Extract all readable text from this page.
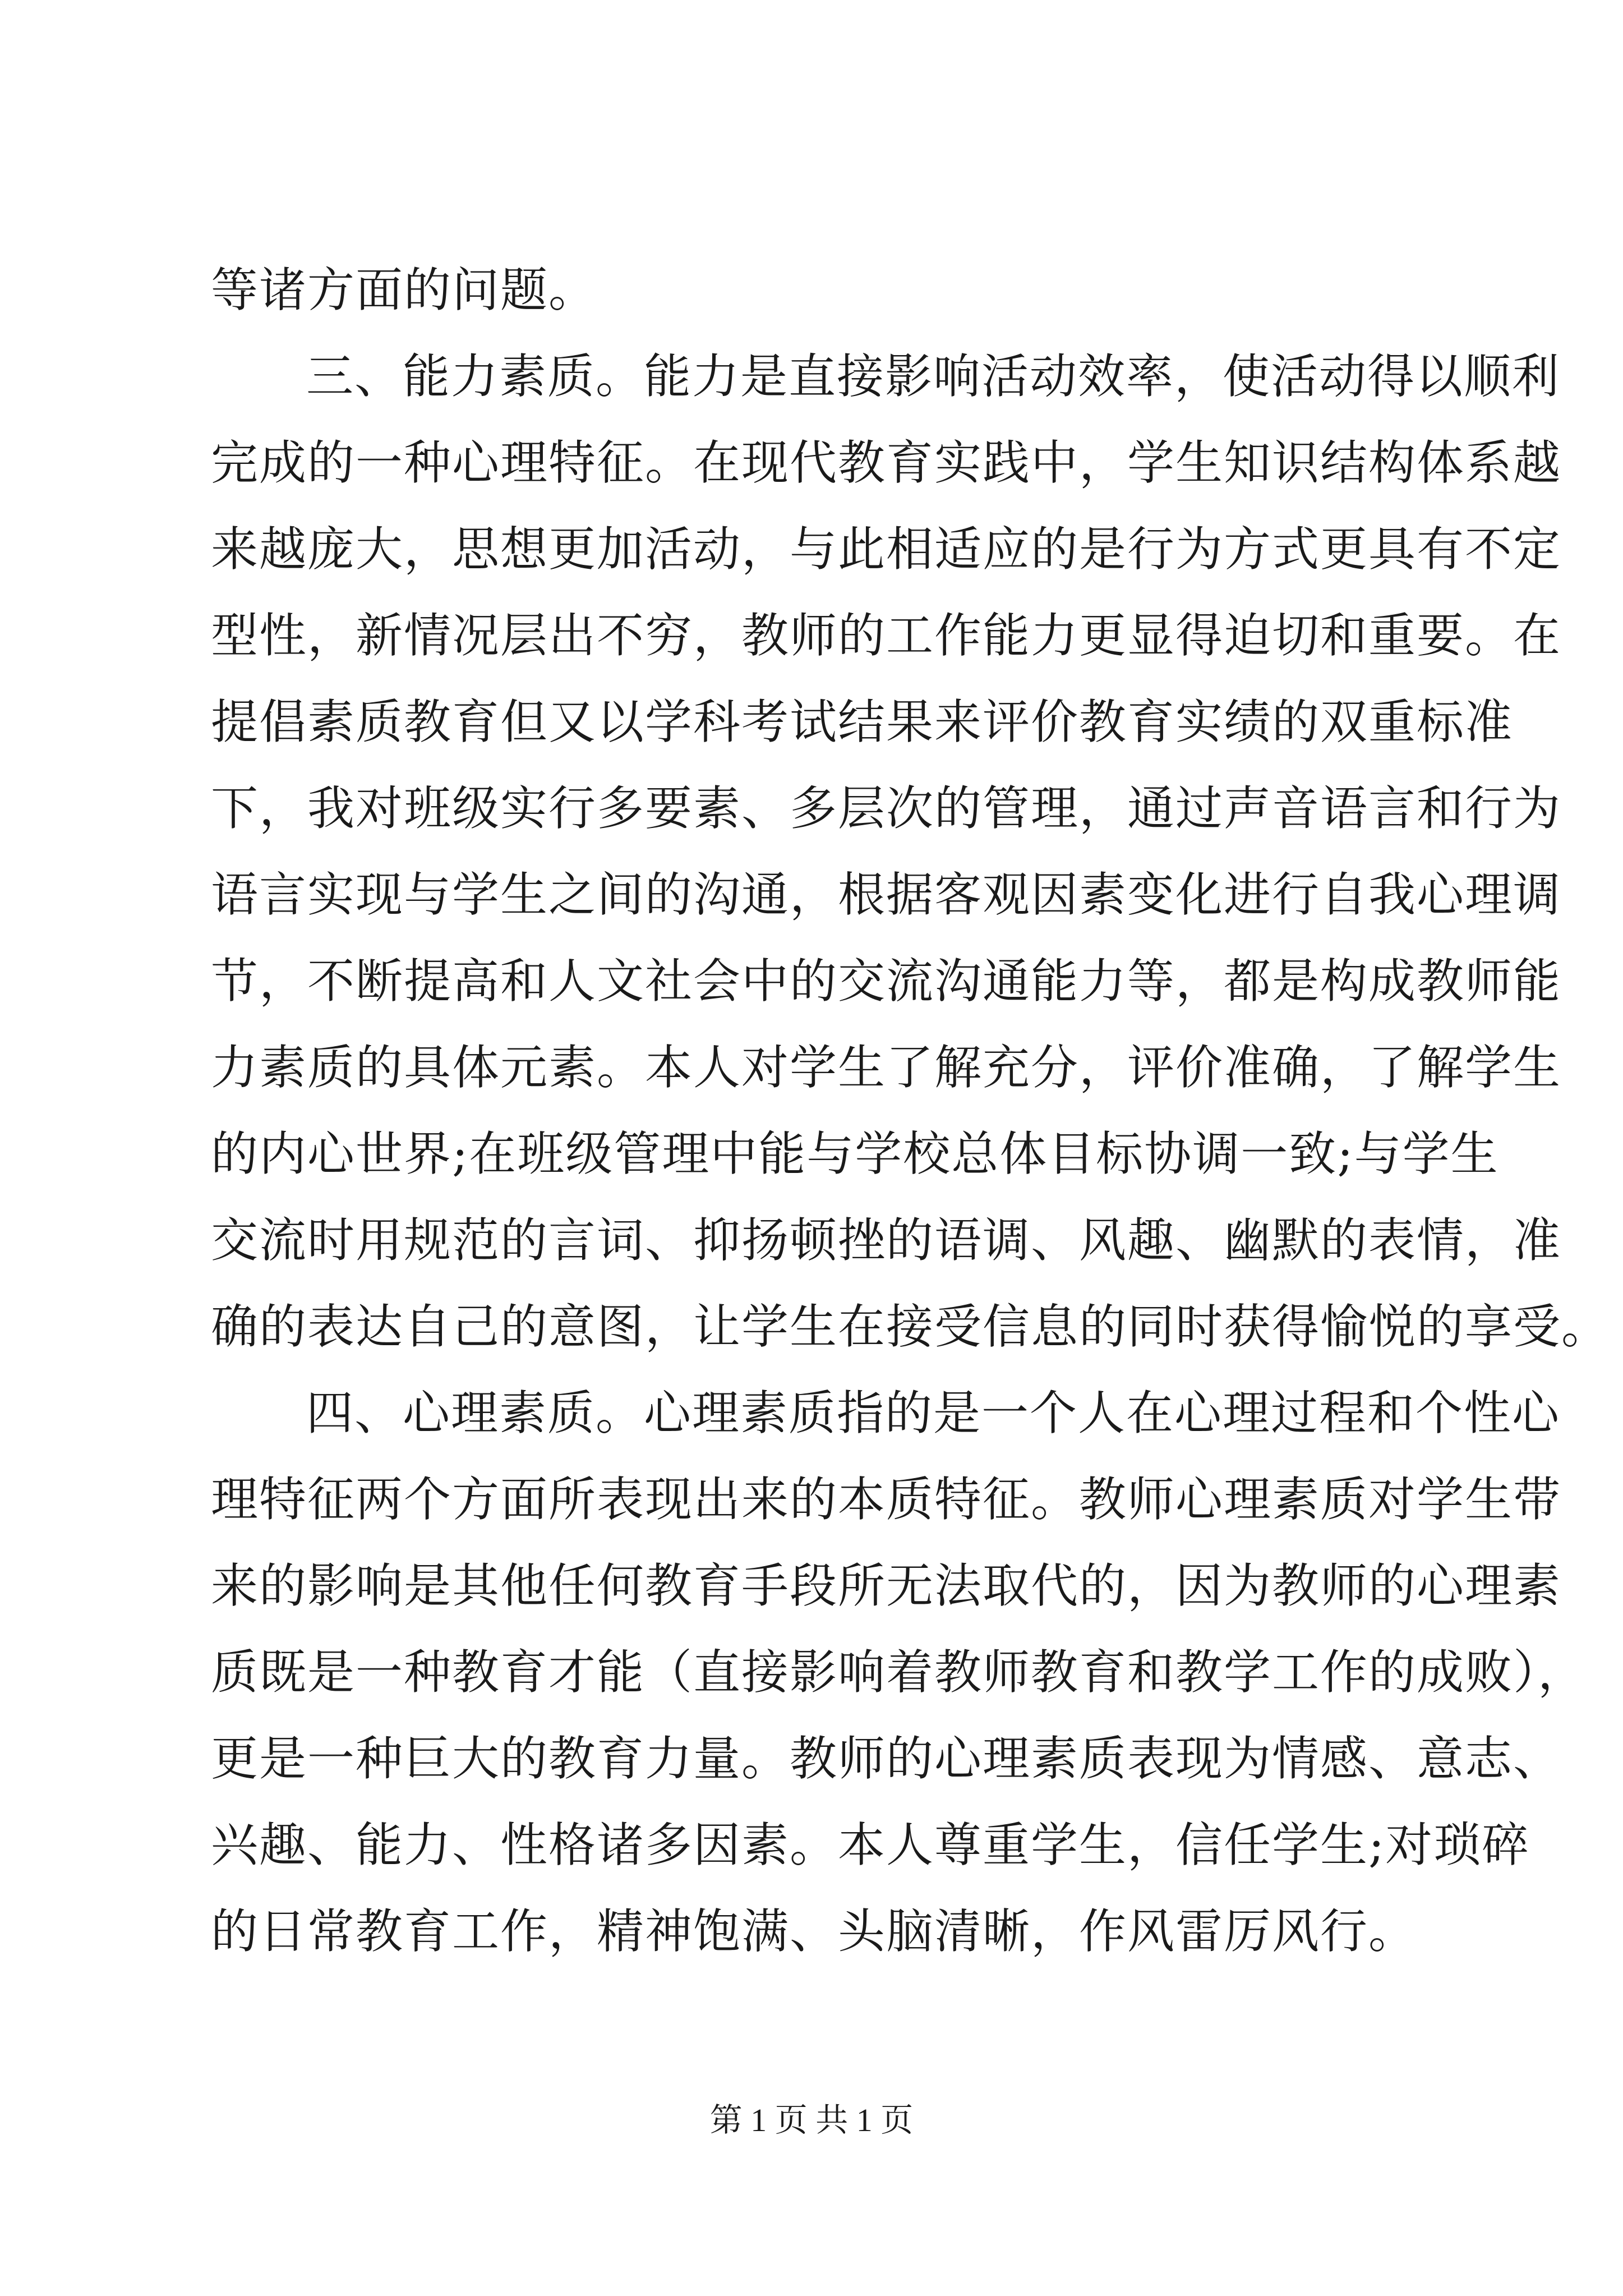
等诸方面的问题。
三、能力素质。能力是直接影响活动效率，使活动得以顺利
完成的一种心理特征。在现代教育实践中，学生知识结构体系越
来越庞大，思想更加活动，与此相适应的是行为方式更具有不定
型性，新情况层出不穷，教师的工作能力更显得迫切和重要。在
提倡素质教育但又以学科考试结果来评价教育实绩的双重标准
下，我对班级实行多要素、多层次的管理，通过声音语言和行为
语言实现与学生之间的沟通，根据客观因素变化进行自我心理调
节，不断提高和人文社会中的交流沟通能力等，都是构成教师能
力素质的具体元素。本人对学生了解充分，评价准确，了解学生
的内心世界;在班级管理中能与学校总体目标协调一致;与学生
交流时用规范的言词、抑扬顿挫的语调、风趣、幽默的表情，准
确的表达自己的意图，让学生在接受信息的同时获得愉悦的享受。
四、心理素质。心理素质指的是一个人在心理过程和个性心
理特征两个方面所表现出来的本质特征。教师心理素质对学生带
来的影响是其他任何教育手段所无法取代的，因为教师的心理素
质既是一种教育才能（直接影响着教师教育和教学工作的成败），
更是一种巨大的教育力量。教师的心理素质表现为情感、意志、
兴趣、能力、性格诸多因素。本人尊重学生，信任学生;对琐碎
的日常教育工作，精神饱满、头脑清晰，作风雷厉风行。
第 1 页 共 1 页
